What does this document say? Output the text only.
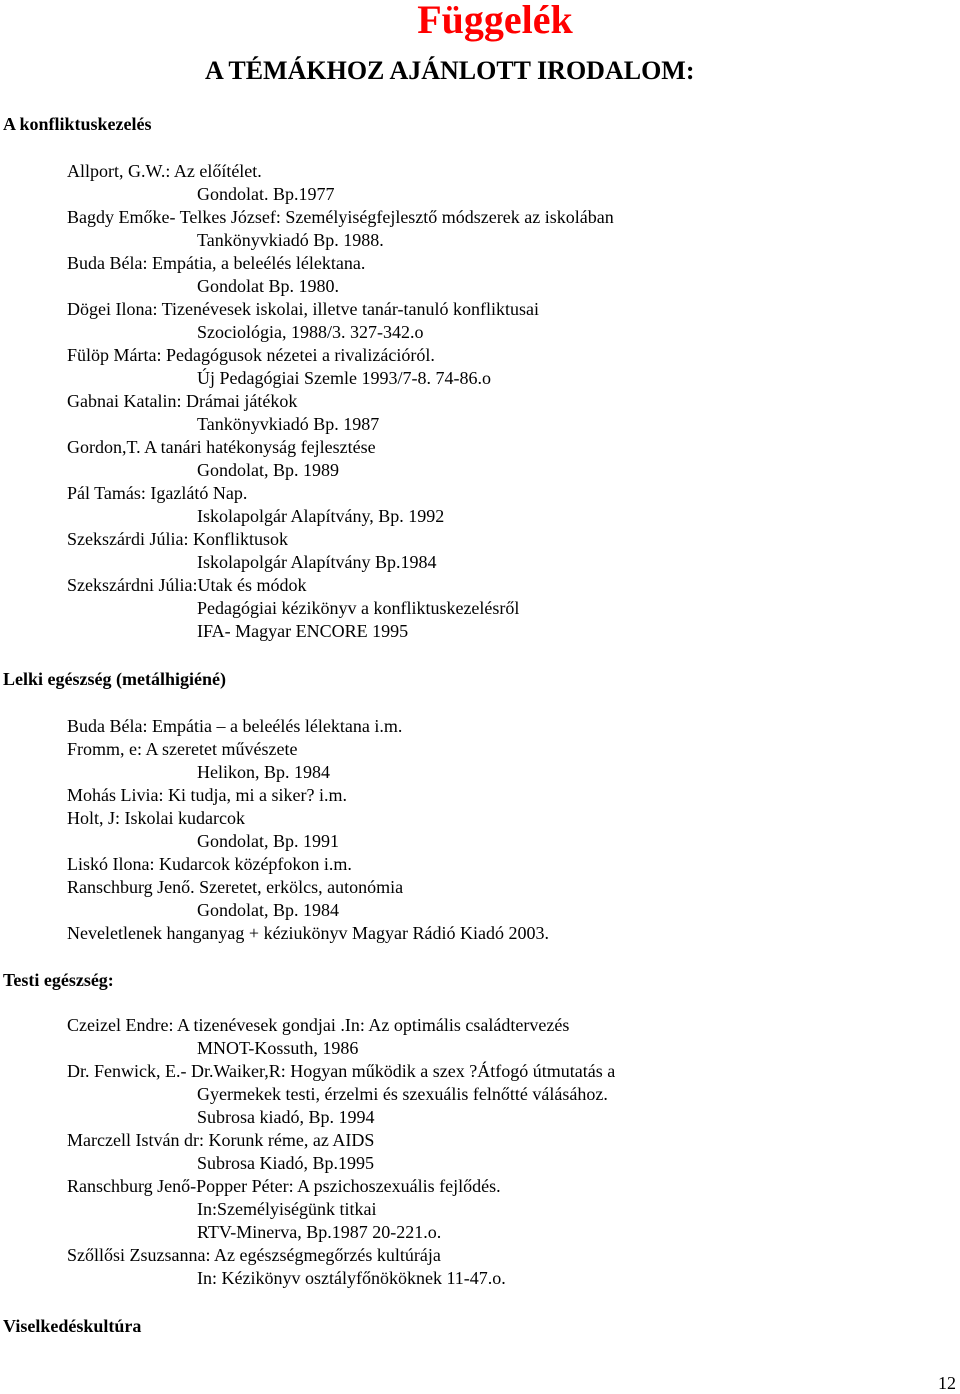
Függelék
A TÉMÁKHOZ AJÁNLOTT IRODALOM:
A konfliktuskezelés
Allport, G.W.: Az előítélet.
Gondolat. Bp.1977
Bagdy Emőke- Telkes József: Személyiségfejlesztő módszerek az iskolában
Tankönyvkiadó Bp. 1988.
Buda Béla: Empátia, a beleélés lélektana.
Gondolat Bp. 1980.
Dögei Ilona: Tizenévesek iskolai, illetve tanár-tanuló konfliktusai
Szociológia, 1988/3. 327-342.o
Fülöp Márta: Pedagógusok nézetei a rivalizációról.
Új Pedagógiai Szemle 1993/7-8. 74-86.o
Gabnai Katalin: Drámai játékok
Tankönyvkiadó Bp. 1987
Gordon,T. A tanári hatékonyság fejlesztése
Gondolat, Bp. 1989
Pál Tamás: Igazlátó Nap.
Iskolapolgár Alapítvány, Bp. 1992
Szekszárdi Júlia: Konfliktusok
Iskolapolgár Alapítvány Bp.1984
Szekszárdni Júlia:Utak és módok
Pedagógiai kézikönyv a konfliktuskezelésről
IFA- Magyar ENCORE 1995
Lelki egészség (metálhigiéné)
Buda Béla: Empátia – a beleélés lélektana i.m.
Fromm, e: A szeretet művészete
Helikon, Bp. 1984
Mohás Livia: Ki tudja, mi a siker? i.m.
Holt, J: Iskolai kudarcok
Gondolat, Bp. 1991
Liskó Ilona: Kudarcok középfokon i.m.
Ranschburg Jenő. Szeretet, erkölcs, autonómia
Gondolat, Bp. 1984
Neveletlenek hanganyag + kéziukönyv Magyar Rádió Kiadó 2003.
Testi egészség:
Czeizel Endre: A tizenévesek gondjai .In: Az optimális családtervezés
MNOT-Kossuth, 1986
Dr. Fenwick, E.- Dr.Waiker,R: Hogyan működik a szex ?Átfogó útmutatás a
Gyermekek testi, érzelmi és szexuális felnőtté válásához.
Subrosa kiadó, Bp. 1994
Marczell István dr: Korunk réme, az AIDS
Subrosa Kiadó, Bp.1995
Ranschburg Jenő-Popper Péter: A pszichoszexuális fejlődés.
In:Személyiségünk titkai
RTV-Minerva, Bp.1987 20-221.o.
Szőllősi Zsuzsanna: Az egészségmegőrzés kultúrája
In: Kézikönyv osztályfőnököknek 11-47.o.
Viselkedéskultúra
12
